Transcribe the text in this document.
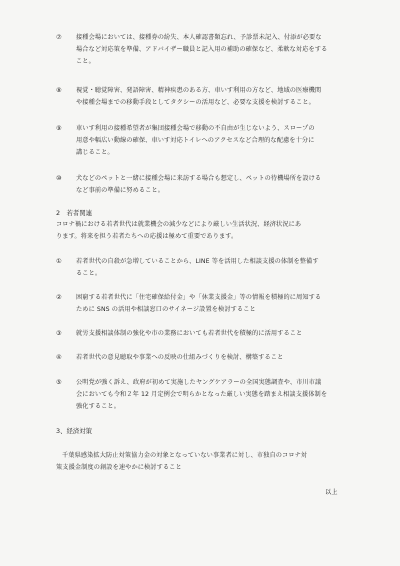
⑦ 接種会場においては、接種券の紛失、本人確認書類忘れ、予診票未記入、付添が必要な
場合など対応策を準備、アドバイザー職員と記入用の補助の確保など、柔軟な対応をする
こと。
⑧ 視覚・聴覚障害、発語障害、精神疾患のある方、車いす利用の方など、地域の医療機関
や接種会場までの移動手段としてタクシーの活用など、必要な支援を検討すること。
⑨ 車いす利用の接種希望者が集団接種会場で移動の不自由が生じないよう、スロープの
用意や幅広い動線の確保、車いす対応トイレへのアクセスなど合理的な配慮を十分に
講じること。
⑩ 犬などのペットと一緒に接種会場に来訪する場合も想定し、ペットの待機場所を設ける
など事前の準備に努めること。
2　若者関連
コロナ禍における若者世代は就業機会の減少などにより厳しい生活状況、経済状況にあ
ります。将来を担う若者たちへの応援は極めて重要であります。
① 若者世代の自殺が急増していることから、LINE 等を活用した相談支援の体制を整備す
ること。
② 困窮する若者世代に「住宅確保給付金」や「休業支援金」等の情報を積極的に周知する
ために SNS の活用や相談窓口のサイネージ設置を検討すること
③ 就労支援相談体制の強化や市の業務においても若者世代を積極的に活用すること
④ 若者世代の意見聴取や事業への反映の仕組みづくりを検討、構築すること
⑤ 公明党が強く訴え、政府が初めて実施したヤングケアラーの全国実態調査や、市川市議
会においても令和２年 12 月定例会で明らかとなった厳しい実態を踏まえ相談支援体制を
強化すること。
3、経済対策
千葉県感染拡大防止対策協力金の対象となっていない事業者に対し、市独自のコロナ対
策支援金制度の創設を速やかに検討すること
以上
